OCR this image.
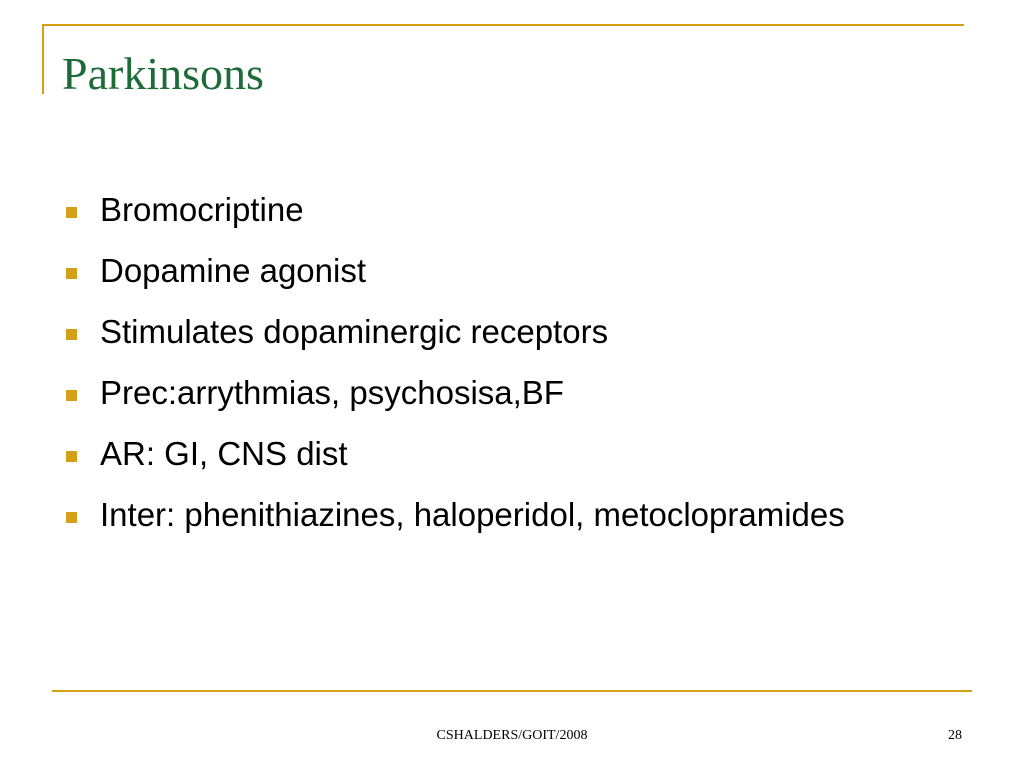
Parkinsons
Bromocriptine
Dopamine agonist
Stimulates dopaminergic receptors
Prec:arrythmias, psychosisa,BF
AR: GI, CNS dist
Inter: phenithiazines, haloperidol, metoclopramides
CSHALDERS/GOIT/2008	28
